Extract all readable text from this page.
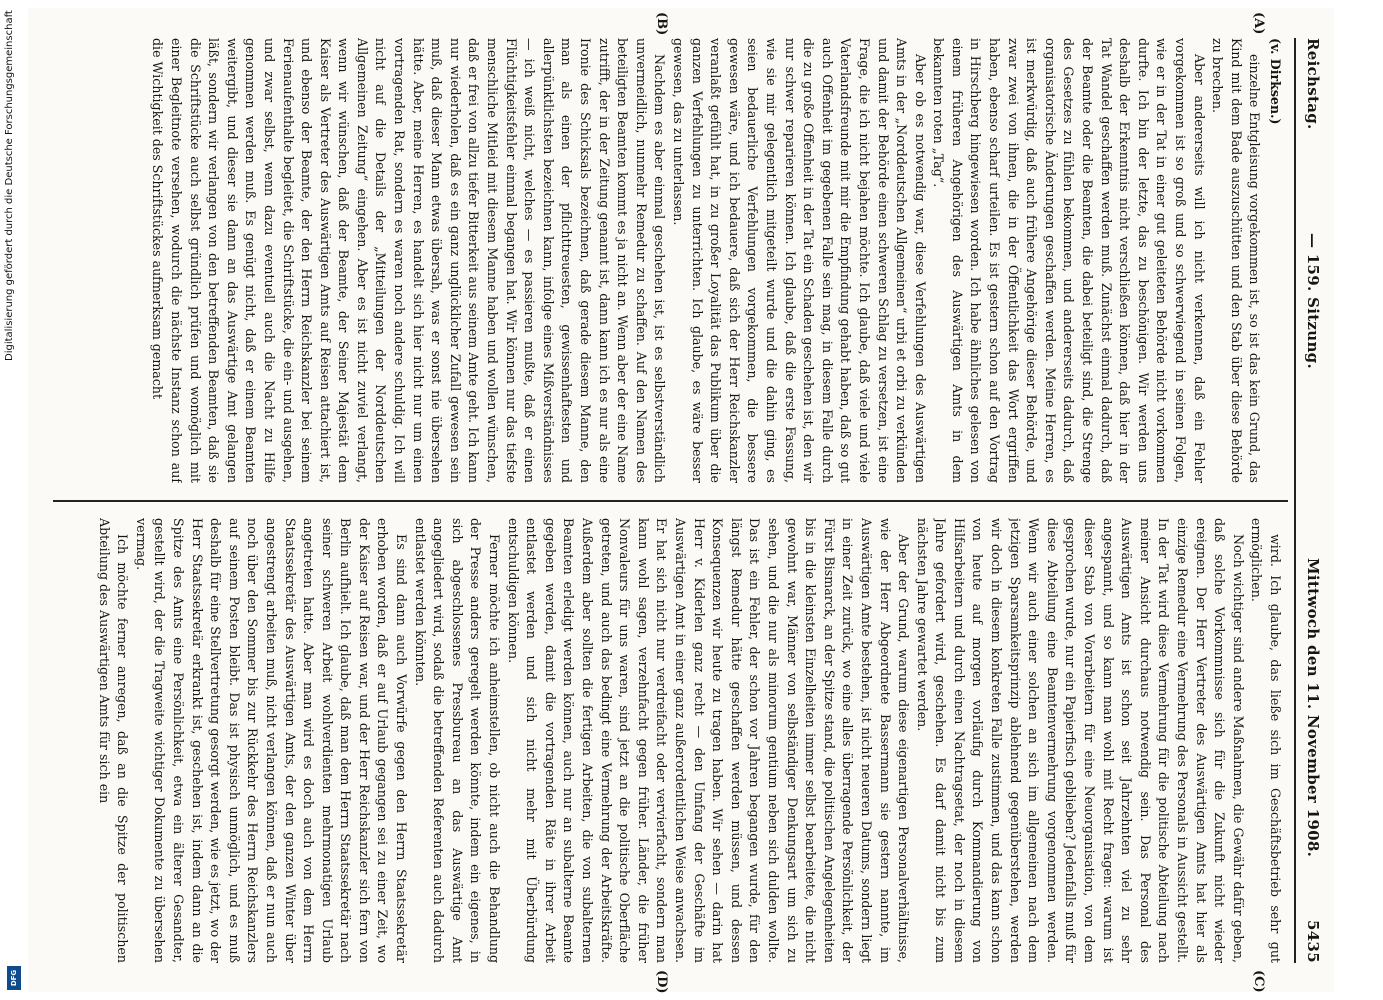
Reichstag.
— 159. Sitzung.
Mittwoch den 11. November 1908.
5435
(A)
(B)
(C)
(D)

(v. Dirksen.)

einzelne Entgleisung vorgekommen ist, so ist das kein Grund, das Kind mit dem Bade auszuschütten und den Stab über diese Behörde zu brechen.

Aber andererseits will ich nicht verkennen, daß ein Fehler vorgekommen ist so groß und so schwerwiegend in seinen Folgen, wie er in der Tat in einer gut geleiteten Behörde nicht vorkommen durfte. Ich bin der letzte, das zu beschönigen. Wir werden uns deshalb der Erkenntnis nicht verschließen können, daß hier in der Tat Wandel geschaffen werden muß. Zunächst einmal dadurch, daß der Beamte oder die Beamten, die dabei beteiligt sind, die Strenge des Gesetzes zu fühlen bekommen, und andererseits dadurch, daß organisatorische Änderungen geschaffen werden. Meine Herren, es ist merkwürdig, daß auch frühere Angehörige dieser Behörde, und zwar zwei von ihnen, die in der Öffentlichkeit das Wort ergriffen haben, ebenso scharf urteilen. Es ist gestern schon auf den Vortrag in Hirschberg hingewiesen worden. Ich habe ähnliches gelesen von einem früheren Angehörigen des Auswärtigen Amts in dem bekannten roten „Tag“.

Aber ob es notwendig war, diese Verfehlungen des Auswärtigen Amts in der „Norddeutschen Allgemeinen“ urbi et orbi zu verkünden und damit der Behörde einen schweren Schlag zu versetzen, ist eine Frage, die ich nicht bejahen möchte. Ich glaube, daß viele und viele Vaterlandsfreunde mit mir die Empfindung gehabt haben, daß so gut auch Offenheit im gegebenen Falle sein mag, in diesem Falle durch die zu große Offenheit in der Tat ein Schaden geschehen ist, den wir nur schwer reparieren können. Ich glaube, daß die erste Fassung, wie sie mir gelegentlich mitgeteilt wurde und die dahin ging, es seien bedauerliche Verfehlungen vorgekommen, die bessere gewesen wäre, und ich bedauere, daß sich der Herr Reichskanzler veranlaßt gefühlt hat, in zu großer Loyalität das Publikum über die ganzen Verfehlungen zu unterrichten. Ich glaube, es wäre besser gewesen, das zu unterlassen.

Nachdem es aber einmal geschehen ist, ist es selbstverständlich unvermeidlich, nunmehr Remedur zu schaffen. Auf den Namen des beteiligten Beamten kommt es ja nicht an. Wenn aber der eine Name zutrifft, der in der Zeitung genannt ist, dann kann ich es nur als eine Ironie des Schicksals bezeichnen, daß gerade diesem Manne, den man als einen der pflichttreuesten, gewissenhaftesten und allerpünktlichsten bezeichnen kann, infolge eines Mißverständnisses — ich weiß nicht, welches — es passieren mußte, daß er einen Flüchtigkeitsfehler einmal begangen hat. Wir können nur das tiefste menschliche Mitleid mit diesem Manne haben und wollen wünschen, daß er frei von allzu tiefer Bitterkeit aus seinem Amte geht. Ich kann nur wiederholen, daß es ein ganz unglücklicher Zufall gewesen sein muß, daß dieser Mann etwas übersah, was er sonst nie übersehen hätte. Aber, meine Herren, es handelt sich hier nicht nur um einen vortragenden Rat, sondern es waren noch andere schuldig. Ich will nicht auf die Details der „Mitteilungen der Norddeutschen Allgemeinen Zeitung“ eingehen. Aber es ist nicht zuviel verlangt, wenn wir wünschen, daß der Beamte, der Seiner Majestät dem Kaiser als Vertreter des Auswärtigen Amts auf Reisen attachiert ist, und ebenso der Beamte, der den Herrn Reichskanzler bei seinem Ferienaufenthalte begleitet, die Schriftstücke, die ein- und ausgehen, und zwar selbst, wenn dazu eventuell auch die Nacht zu Hilfe genommen werden muß. Es genügt nicht, daß er einem Beamten weitergibt, und dieser sie dann an das Auswärtige Amt gelangen läßt, sondern wir verlangen von den betreffenden Beamten, daß sie die Schriftstücke auch selbst gründlich prüfen und womöglich mit einer Begleitnote versehen, wodurch die nächste Instanz schon auf die Wichtigkeit des Schriftstückes aufmerksam gemacht

wird. Ich glaube, das ließe sich im Geschäftsbetrieb sehr gut ermöglichen.

Noch wichtiger sind andere Maßnahmen, die Gewähr dafür geben, daß solche Vorkommnisse sich für die Zukunft nicht wieder ereignen. Der Herr Vertreter des Auswärtigen Amts hat hier als einzige Remedur eine Vermehrung des Personals in Aussicht gestellt. In der Tat wird diese Vermehrung für die politische Abteilung nach meiner Ansicht durchaus notwendig sein. Das Personal des Auswärtigen Amts ist schon seit Jahrzehnten viel zu sehr angespannt, und so kann man wohl mit Recht fragen: warum ist dieser Stab von Vorarbeitern für eine Neuorganisation, von dem gesprochen wurde, nur ein Papierfisch geblieben? Jedenfalls muß für diese Abteilung eine Beamtenvermehrung vorgenommen werden. Wenn wir auch einer solchen an sich im allgemeinen nach dem jetzigen Sparsamkeitsprinzip ablehnend gegenüberstehen, werden wir doch in diesem konkreten Falle zustimmen, und das kann schon von heute auf morgen vorläufig durch Kommandierung von Hilfsarbeitern und durch einen Nachtragsetat, der noch in diesem Jahre gefordert wird, geschehen. Es darf damit nicht bis zum nächsten Jahre gewartet werden.

Aber der Grund, warum diese eigenartigen Personalverhältnisse, wie der Herr Abgeordnete Bassermann sie gestern nannte, im Auswärtigen Amte bestehen, ist nicht neueren Datums, sondern liegt in einer Zeit zurück, wo eine alles überragende Persönlichkeit, der Fürst Bismarck, an der Spitze stand, die politischen Angelegenheiten bis in die kleinsten Einzelheiten immer selbst bearbeitete, die nicht gewohnt war, Männer von selbständiger Denkungsart um sich zu sehen, und die nur als minorum gentium neben sich dulden wollte. Das ist ein Fehler, der schon vor Jahren begangen wurde, für den längst Remedur hätte geschaffen werden müssen, und dessen Konsequenzen wir heute zu tragen haben. Wir sehen — darin hat Herr v. Kiderlen ganz recht — den Umfang der Geschäfte im Auswärtigen Amt in einer ganz außerordentlichen Weise anwachsen. Er hat sich nicht nur verdreifacht oder vervierfacht, sondern man kann wohl sagen, verzehnfacht gegen früher. Länder, die früher Nonvaleurs für uns waren, sind jetzt an die politische Oberfläche getreten, und auch das bedingt eine Vermehrung der Arbeitskräfte. Außerdem aber sollten die fertigen Arbeiten, die von subalternen Beamten erledigt werden können, auch nur an subalterne Beamte gegeben werden, damit die vortragenden Räte in ihrer Arbeit entlastet werden und sich nicht mehr mit Überbürdung entschuldigen können.

Ferner möchte ich anheimstellen, ob nicht auch die Behandlung der Presse anders geregelt werden könnte, indem ein eigenes, in sich abgeschlossenes Pressbureau an das Auswärtige Amt angegliedert wird, sodaß die betreffenden Referenten auch dadurch entlastet werden könnten.

Es sind dann auch Vorwürfe gegen den Herrn Staatssekretär erhoben worden, daß er auf Urlaub gegangen sei zu einer Zeit, wo der Kaiser auf Reisen war, und der Herr Reichskanzler sich fern von Berlin aufhielt. Ich glaube, daß man dem Herrn Staatssekretär nach seiner schweren Arbeit wohlverdienten mehrmonatigen Urlaub angetreten hatte. Aber man wird es doch auch von dem Herrn Staatssekretär des Auswärtigen Amts, der den ganzen Winter über angestrengt arbeiten muß, nicht verlangen können, daß er nun auch noch über den Sommer bis zur Rückkehr des Herrn Reichskanzlers auf seinem Posten bleibt. Das ist physisch unmöglich, und es muß deshalb für eine Stellvertretung gesorgt werden, wie es jetzt, wo der Herr Staatssekretär erkrankt ist, geschehen ist, indem dann an die Spitze des Amts eine Persönlichkeit, etwa ein älterer Gesandter, gestellt wird, der die Tragweite wichtiger Dokumente zu übersehen vermag.

Ich möchte ferner anregen, daß an die Spitze der politischen Abteilung des Auswärtigen Amts für sich ein

Digitalisierung gefördert durch die Deutsche Forschungsgemeinschaft
DFG
